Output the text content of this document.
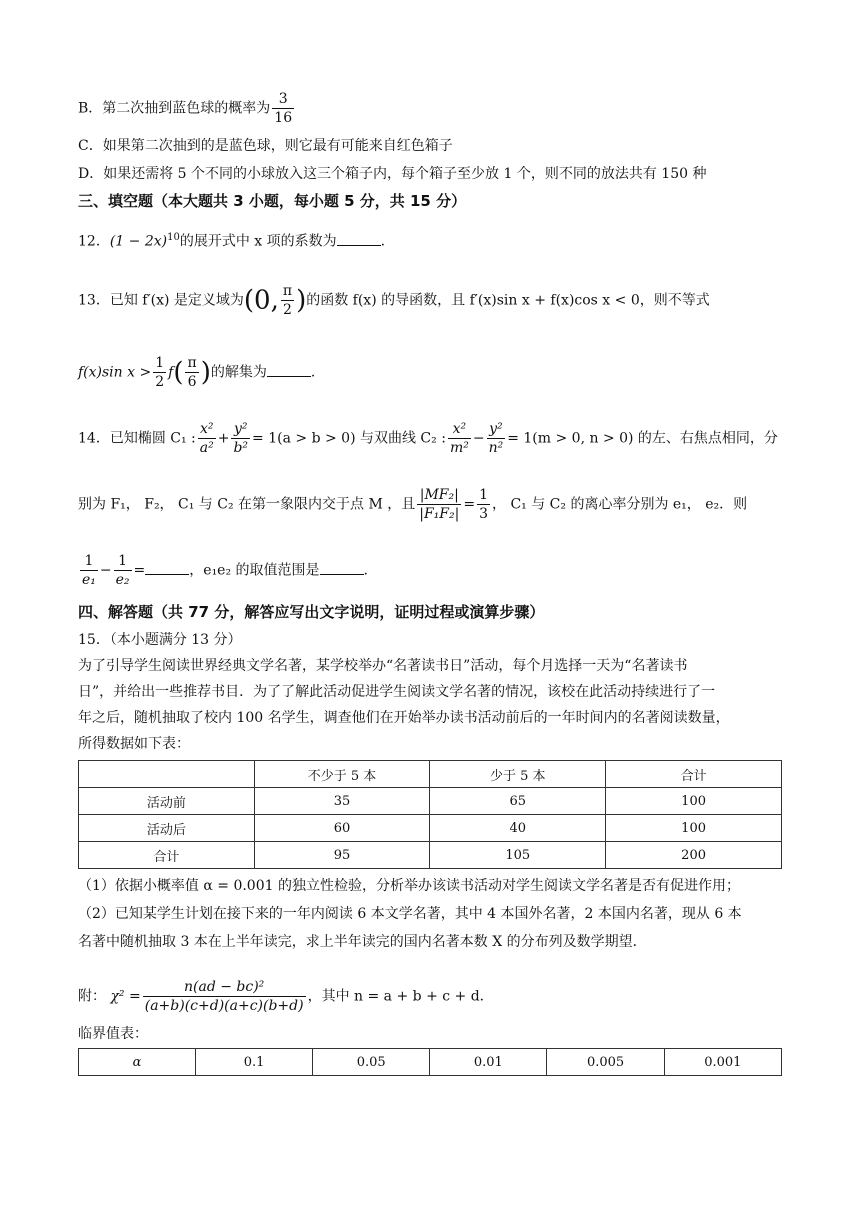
B．第二次抽到蓝色球的概率为 $\frac{3}{16}$
C．如果第二次抽到的是蓝色球，则它最有可能来自红色箱子
D．如果还需将 5 个不同的小球放入这三个箱子内，每个箱子至少放 1 个，则不同的放法共有 150 种
三、填空题（本大题共 3 小题，每小题 5 分，共 15 分）
12．$(1 - 2x)^{10}$的展开式中 x 项的系数为	.
13．已知 f′(x) 是定义域为(0, $\frac{\pi}{2}$ )的函数 f(x) 的导函数，且 f′(x)sin x + f(x)cos x < 0，则不等式
f(x)sin $x > \frac{1}{2} f( \frac{\pi}{6}$ )的解集为	.
14．已知椭圆 C₁ : $\frac{\text{x²}}{\text{a²}} + \frac{\text{y²}}{\text{b²}} = 1(a > b > 0)$ 与双曲线 C₂ : $\frac{\text{x²}}{\text{m²}} - \frac{\text{y²}}{\text{n²}} = 1(m > 0$, n > 0) 的左、右焦点相同，分
别为 F₁， F₂， C₁ 与 C₂ 在第一象限内交于点 M ，且 $\frac{\text{|MF₂|}}{\text{|F₁F₂|}} = \frac{1}{3}$ ， C₁ 与 C₂ 的离心率分别为 e₁， e₂．则
$\frac{1}{\text{e₁}} - \frac{1}{\text{e₂}}$ =	，e₁e₂ 的取值范围是	.
四、解答题（共 77 分，解答应写出文字说明，证明过程或演算步骤）
15．（本小题满分 13 分）
为了引导学生阅读世界经典文学名著，某学校举办“名著读书日”活动，每个月选择一天为“名著读书
日”，并给出一些推荐书目．为了了解此活动促进学生阅读文学名著的情况，该校在此活动持续进行了一
年之后，随机抽取了校内 100 名学生，调查他们在开始举办读书活动前后的一年时间内的名著阅读数量，
所得数据如下表：
	不少于 5 本	少于 5 本	合计
活动前	35	65	100
活动后	60	40	100
合计	95	105	200
（1）依据小概率值 α = 0.001 的独立性检验，分析举办该读书活动对学生阅读文学名著是否有促进作用；
（2）已知某学生计划在接下来的一年内阅读 6 本文学名著，其中 4 本国外名著，2 本国内名著，现从 6 本
名著中随机抽取 3 本在上半年读完，求上半年读完的国内名著本数 X 的分布列及数学期望．
附： $\chi^2 = \frac{\text{n(ad − bc)²}}{(a+b)(c+d)(a+c)(b+d)}$ ，其中 n = a + b + c + d．
临界值表：
α	0.1	0.05	0.01	0.005	0.001
